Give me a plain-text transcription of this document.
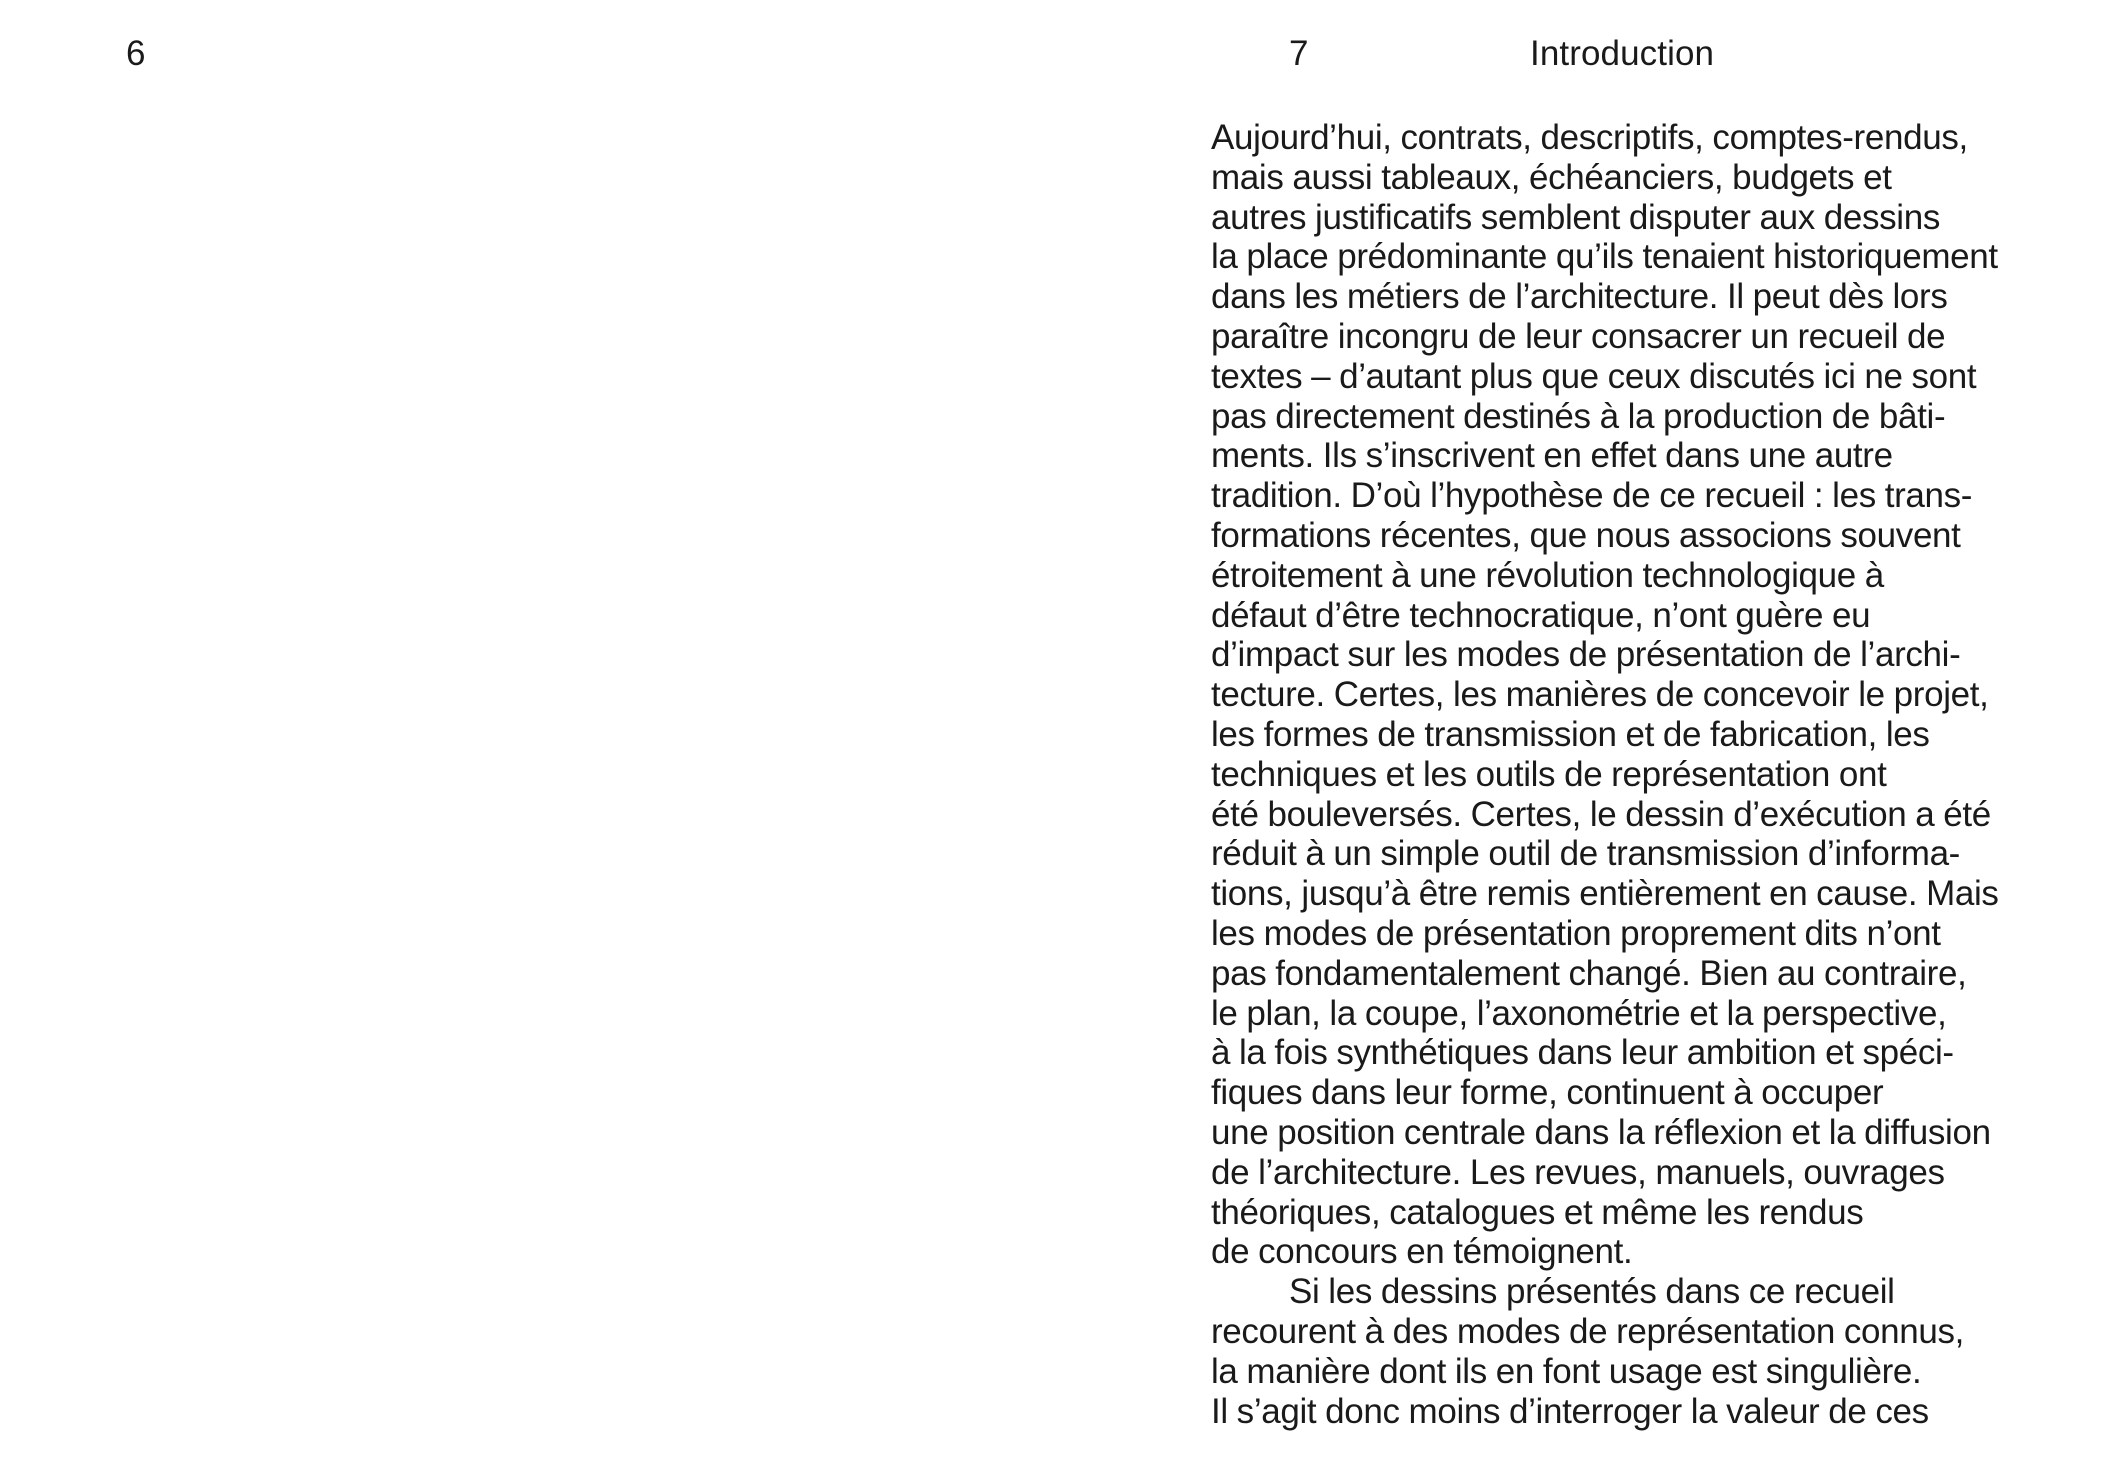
6	7	Introduction
Aujourd’hui, contrats, descriptifs, comptes-rendus,
mais aussi tableaux, échéanciers, budgets et
autres justificatifs semblent disputer aux dessins
la place prédominante qu’ils tenaient historiquement
dans les métiers de l’architecture. Il peut dès lors
paraître incongru de leur consacrer un recueil de
textes – d’autant plus que ceux discutés ici ne sont
pas directement destinés à la production de bâti-
ments. Ils s’inscrivent en effet dans une autre
tradition. D’où l’hypothèse de ce recueil : les trans-
formations récentes, que nous associons souvent
étroitement à une révolution technologique à
défaut d’être technocratique, n’ont guère eu
d’impact sur les modes de présentation de l’archi-
tecture. Certes, les manières de concevoir le projet,
les formes de transmission et de fabrication, les
techniques et les outils de représentation ont
été bouleversés. Certes, le dessin d’exécution a été
réduit à un simple outil de transmission d’informa-
tions, jusqu’à être remis entièrement en cause. Mais
les modes de présentation proprement dits n’ont
pas fondamentalement changé. Bien au contraire,
le plan, la coupe, l’axonométrie et la perspective,
à la fois synthétiques dans leur ambition et spéci-
fiques dans leur forme, continuent à occuper
une position centrale dans la réflexion et la diffusion
de l’architecture. Les revues, manuels, ouvrages
théoriques, catalogues et même les rendus
de concours en témoignent.
Si les dessins présentés dans ce recueil
recourent à des modes de représentation connus,
la manière dont ils en font usage est singulière.
Il s’agit donc moins d’interroger la valeur de ces
